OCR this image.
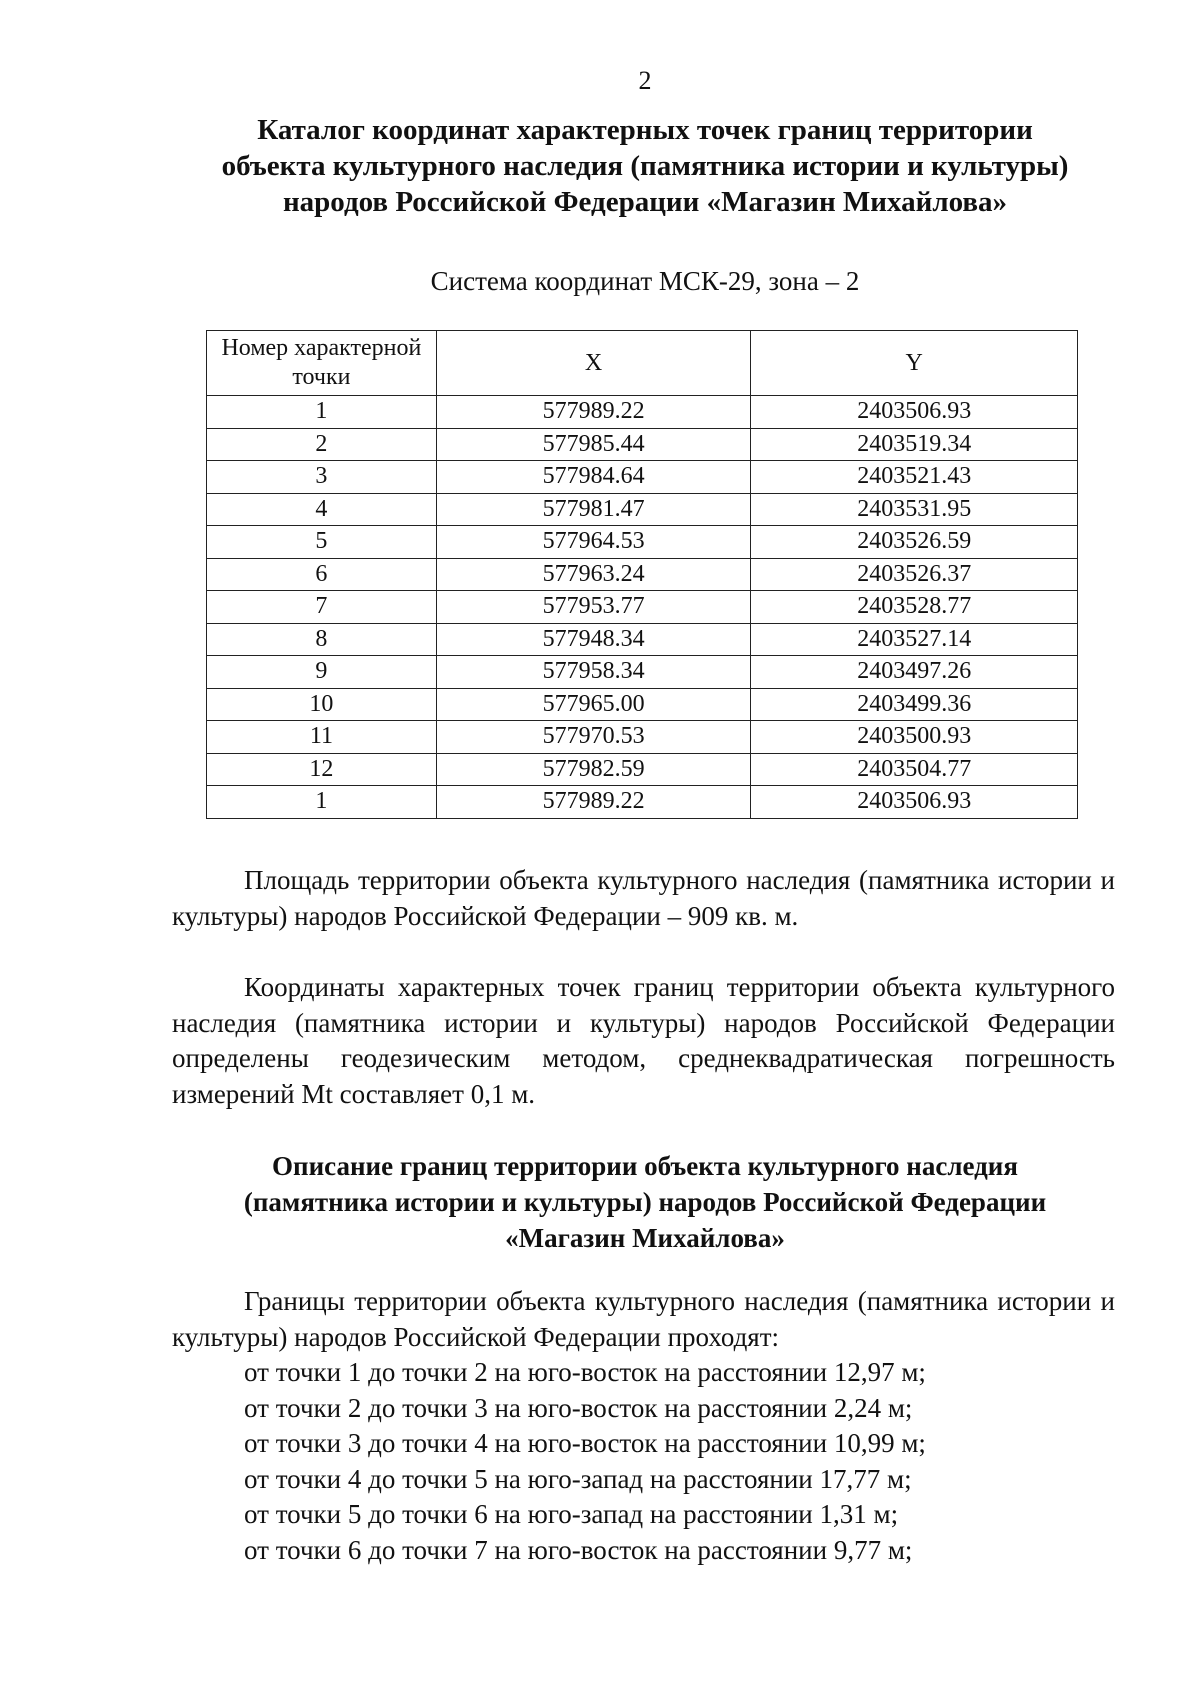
2
Каталог координат характерных точек границ территории
объекта культурного наследия (памятника истории и культуры)
народов Российской Федерации «Магазин Михайлова»
Система координат МСК-29, зона – 2
Номер характерной точки	X	Y
1	577989.22	2403506.93
2	577985.44	2403519.34
3	577984.64	2403521.43
4	577981.47	2403531.95
5	577964.53	2403526.59
6	577963.24	2403526.37
7	577953.77	2403528.77
8	577948.34	2403527.14
9	577958.34	2403497.26
10	577965.00	2403499.36
11	577970.53	2403500.93
12	577982.59	2403504.77
1	577989.22	2403506.93
Площадь территории объекта культурного наследия (памятника истории и культуры) народов Российской Федерации – 909 кв. м.
Координаты характерных точек границ территории объекта культурного наследия (памятника истории и культуры) народов Российской Федерации определены геодезическим методом, среднеквадратическая погрешность измерений Mt составляет 0,1 м.
Описание границ территории объекта культурного наследия
(памятника истории и культуры) народов Российской Федерации
«Магазин Михайлова»
Границы территории объекта культурного наследия (памятника истории и культуры) народов Российской Федерации проходят:
от точки 1 до точки 2 на юго-восток на расстоянии 12,97 м;
от точки 2 до точки 3 на юго-восток на расстоянии 2,24 м;
от точки 3 до точки 4 на юго-восток на расстоянии 10,99 м;
от точки 4 до точки 5 на юго-запад на расстоянии 17,77 м;
от точки 5 до точки 6 на юго-запад на расстоянии 1,31 м;
от точки 6 до точки 7 на юго-восток на расстоянии 9,77 м;
